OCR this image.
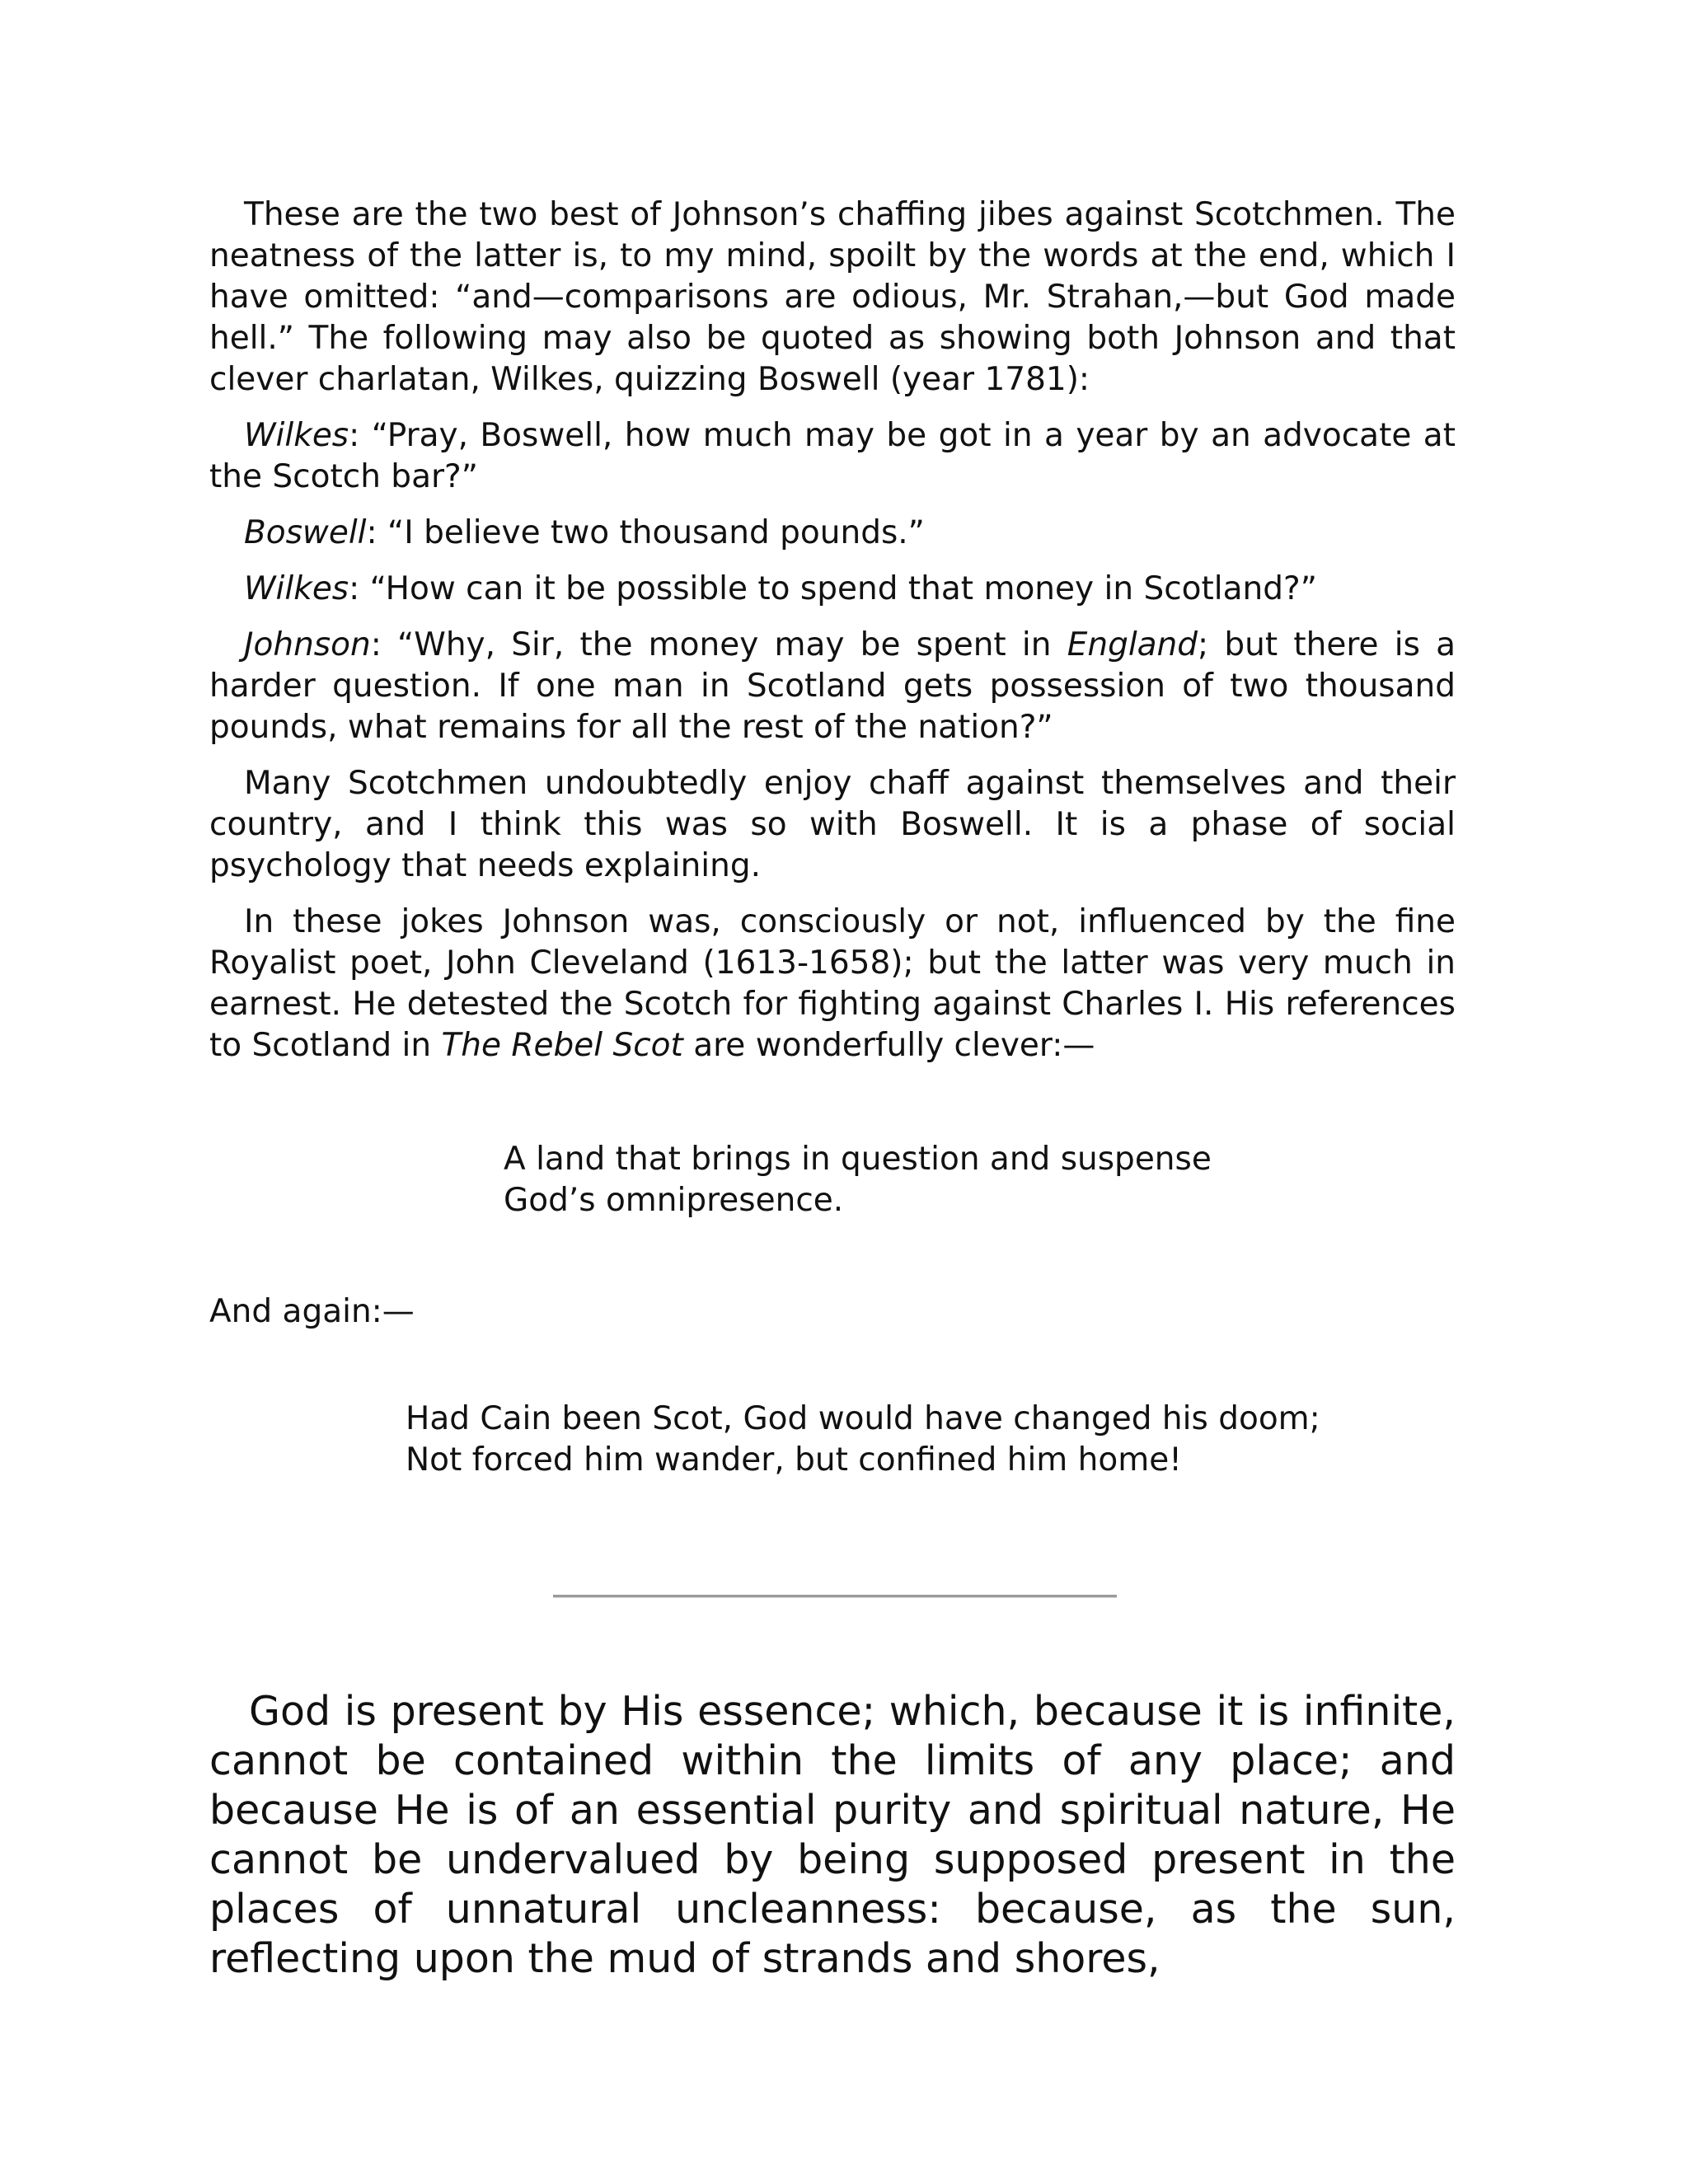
These are the two best of Johnson’s chaffing jibes against Scotchmen. The neatness of the latter is, to my mind, spoilt by the words at the end, which I have omitted: “and—comparisons are odious, Mr. Strahan,—but God made hell.” The following may also be quoted as showing both Johnson and that clever charlatan, Wilkes, quizzing Boswell (year 1781):

Wilkes: “Pray, Boswell, how much may be got in a year by an advocate at the Scotch bar?”

Boswell: “I believe two thousand pounds.”

Wilkes: “How can it be possible to spend that money in Scotland?”

Johnson: “Why, Sir, the money may be spent in England; but there is a harder question. If one man in Scotland gets possession of two thousand pounds, what remains for all the rest of the nation?”

Many Scotchmen undoubtedly enjoy chaff against themselves and their country, and I think this was so with Boswell. It is a phase of social psychology that needs explaining.

In these jokes Johnson was, consciously or not, influenced by the fine Royalist poet, John Cleveland (1613-1658); but the latter was very much in earnest. He detested the Scotch for fighting against Charles I. His references to Scotland in The Rebel Scot are wonderfully clever:—

A land that brings in question and suspense
God’s omnipresence.

And again:—

Had Cain been Scot, God would have changed his doom;
Not forced him wander, but confined him home!

God is present by His essence; which, because it is infinite, cannot be contained within the limits of any place; and because He is of an essential purity and spiritual nature, He cannot be undervalued by being supposed present in the places of unnatural uncleanness: because, as the sun, reflecting upon the mud of strands and shores,
